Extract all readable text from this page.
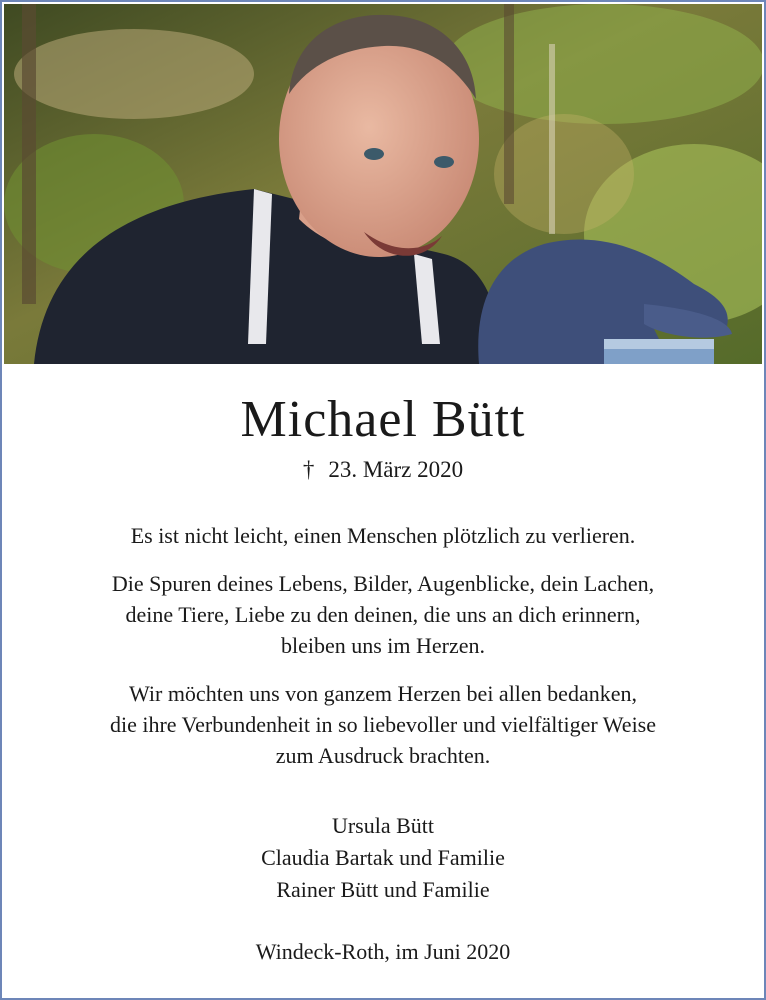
Michael Bütt
† 23. März 2020
Es ist nicht leicht, einen Menschen plötzlich zu verlieren.
Die Spuren deines Lebens, Bilder, Augenblicke, dein Lachen,
deine Tiere, Liebe zu den deinen, die uns an dich erinnern,
bleiben uns im Herzen.
Wir möchten uns von ganzem Herzen bei allen bedanken,
die ihre Verbundenheit in so liebevoller und vielfältiger Weise
zum Ausdruck brachten.
Ursula Bütt
Claudia Bartak und Familie
Rainer Bütt und Familie
Windeck-Roth, im Juni 2020
